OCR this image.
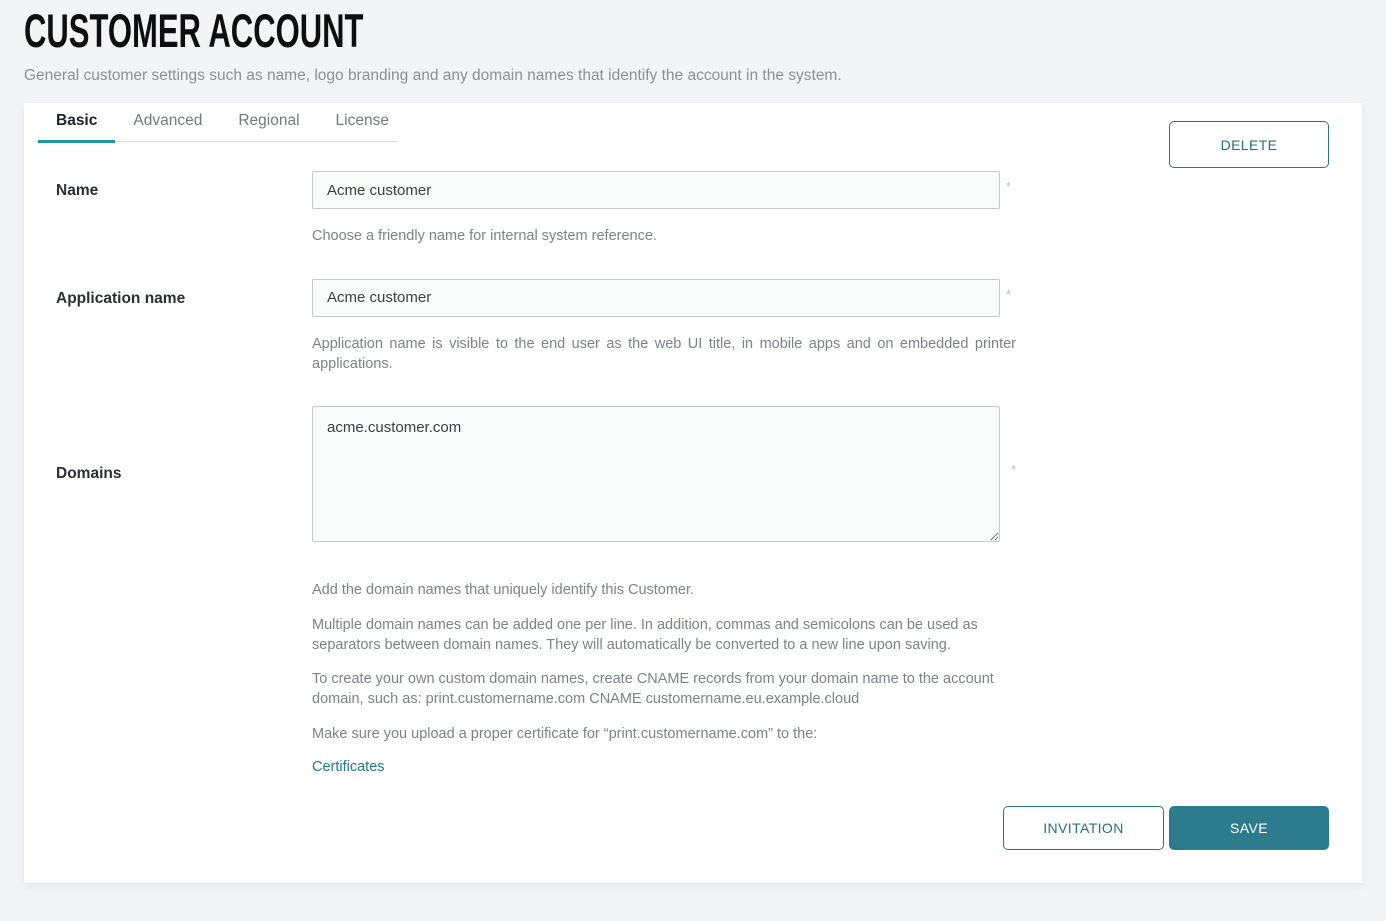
CUSTOMER ACCOUNT

General customer settings such as name, logo branding and any domain names that identify the account in the system.

Basic	Advanced	Regional	License
DELETE
Name
Acme customer	*

Choose a friendly name for internal system reference.

Application name
Acme customer	*

Application name is visible to the end user as the web UI title, in mobile apps and on embedded printer applications.

Domains
acme.customer.com	*

Add the domain names that uniquely identify this Customer.

Multiple domain names can be added one per line. In addition, commas and semicolons can be used as separators between domain names. They will automatically be converted to a new line upon saving.

To create your own custom domain names, create CNAME records from your domain name to the account domain, such as: print.customername.com CNAME customername.eu.example.cloud

Make sure you upload a proper certificate for “print.customername.com” to the:

Certificates
INVITATION	SAVE
